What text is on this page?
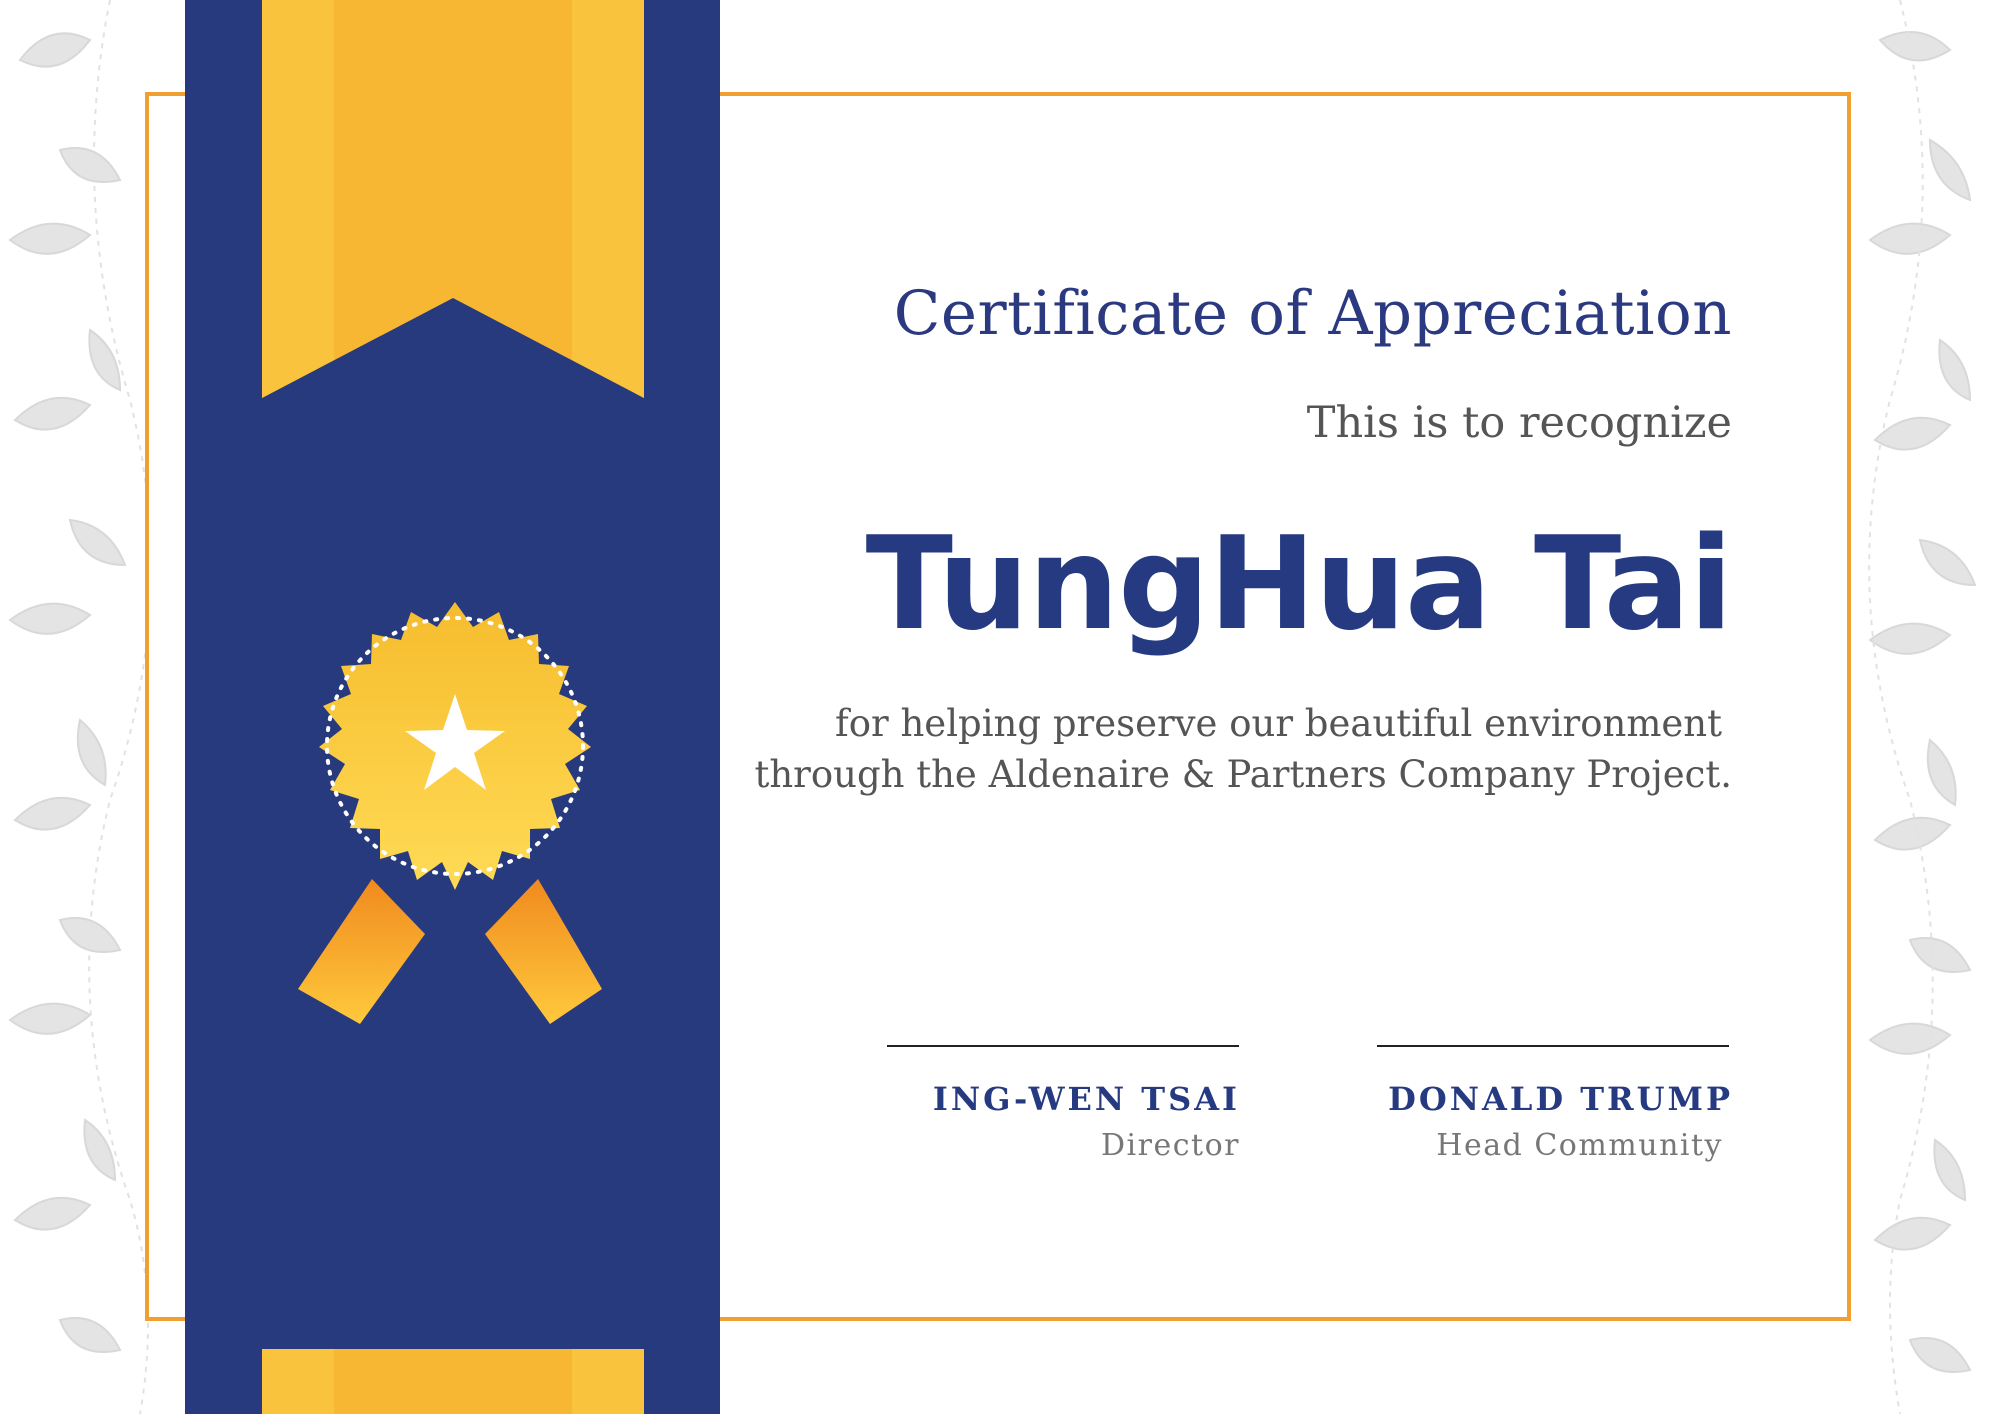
Certificate of Appreciation
This is to recognize
TungHua Tai
for helping preserve our beautiful environment
through the Aldenaire & Partners Company Project.
ING-WEN TSAI
Director
DONALD TRUMP
Head Community
